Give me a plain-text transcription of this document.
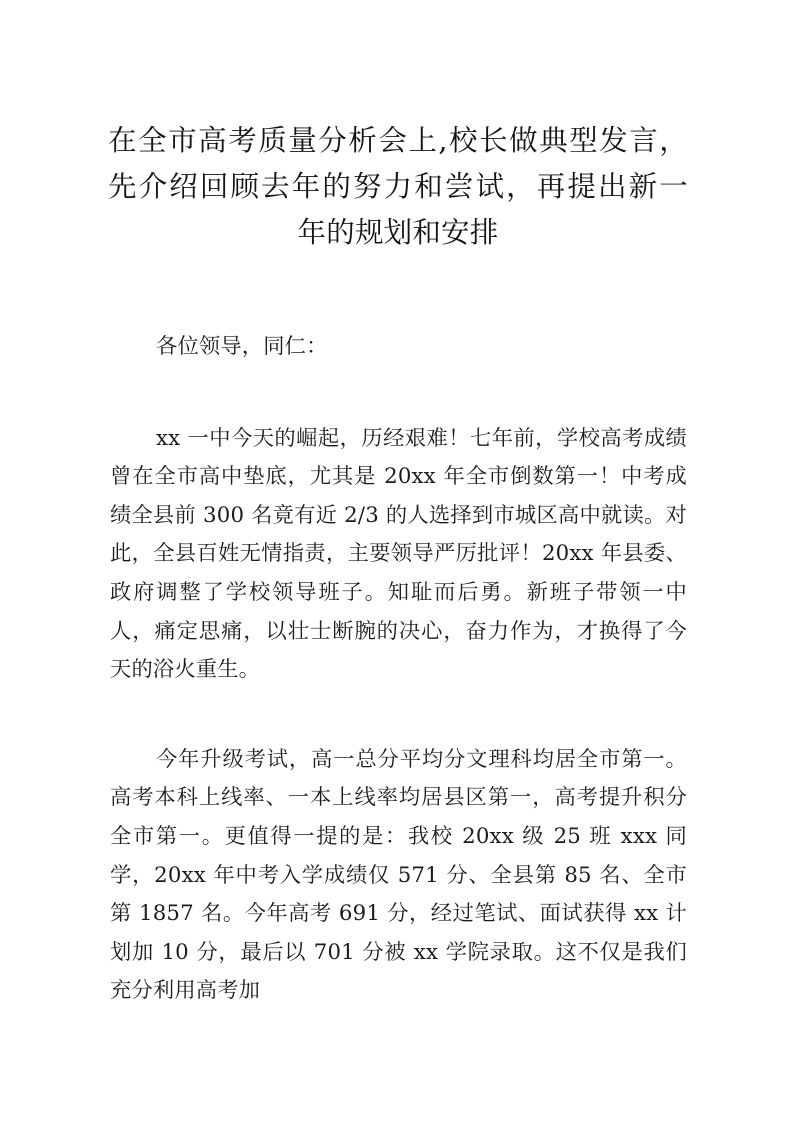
在全市高考质量分析会上,校长做典型发言，
先介绍回顾去年的努力和尝试，再提出新一
年的规划和安排

各位领导，同仁：

xx 一中今天的崛起，历经艰难！七年前，学校高考成绩曾在全市高中垫底，尤其是 20xx 年全市倒数第一！中考成绩全县前 300 名竟有近 2/3 的人选择到市城区高中就读。对此，全县百姓无情指责，主要领导严厉批评！20xx 年县委、政府调整了学校领导班子。知耻而后勇。新班子带领一中人，痛定思痛，以壮士断腕的决心，奋力作为，才换得了今天的浴火重生。

今年升级考试，高一总分平均分文理科均居全市第一。高考本科上线率、一本上线率均居县区第一，高考提升积分全市第一。更值得一提的是：我校 20xx 级 25 班 xxx 同学，20xx 年中考入学成绩仅 571 分、全县第 85 名、全市第 1857 名。今年高考 691 分，经过笔试、面试获得 xx 计划加 10 分，最后以 701 分被 xx 学院录取。这不仅是我们充分利用高考加
